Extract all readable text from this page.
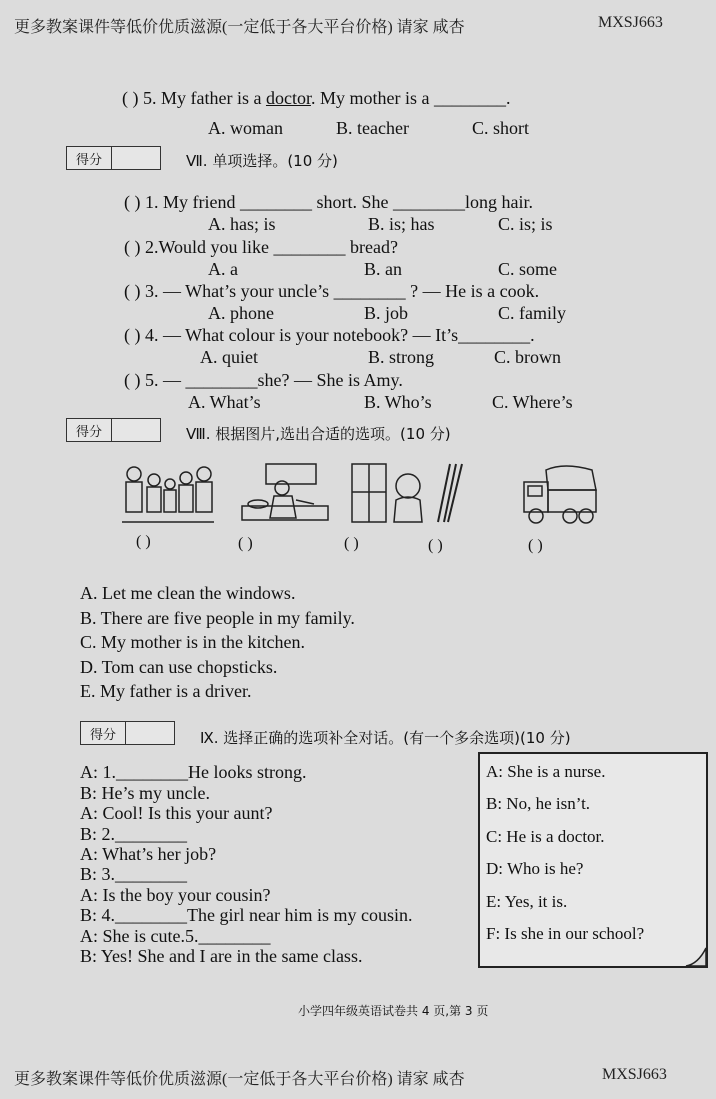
更多教案课件等低价优质滋源(一定低于各大平台价格) 请家 咸杏	MXSJ663
( ) 5. My father is a doctor. My mother is a ________.
A. woman	B. teacher	C. short
得分	Ⅶ. 单项选择。(10 分)
( ) 1. My friend ________ short. She ________long hair.
A. has; is	B. is; has	C. is; is
( ) 2.Would you like ________ bread?
A. a	B. an	C. some
( ) 3. — What’s your uncle’s ________ ? — He is a cook.
A. phone	B. job	C. family
( ) 4. — What colour is your notebook? — It’s________.
A. quiet	B. strong	C. brown
( ) 5. — ________she? — She is Amy.
A. What’s	B. Who’s	C. Where’s
得分	Ⅷ. 根据图片,选出合适的选项。(10 分)
( )	( )	( )	( )	( )
A. Let me clean the windows.
B. There are five people in my family.
C. My mother is in the kitchen.
D. Tom can use chopsticks.
E. My father is a driver.
得分	Ⅸ. 选择正确的选项补全对话。(有一个多余选项)(10 分)
A: 1.________He looks strong.
B: He’s my uncle.
A: Cool! Is this your aunt?
B: 2.________
A: What’s her job?
B: 3.________
A: Is the boy your cousin?
B: 4.________The girl near him is my cousin.
A: She is cute.5.________
B: Yes! She and I are in the same class.
A: She is a nurse.
B: No, he isn’t.
C: He is a doctor.
D: Who is he?
E: Yes, it is.
F: Is she in our school?
小学四年级英语试卷共 4 页,第 3 页
更多教案课件等低价优质滋源(一定低于各大平台价格) 请家 咸杏	MXSJ663
